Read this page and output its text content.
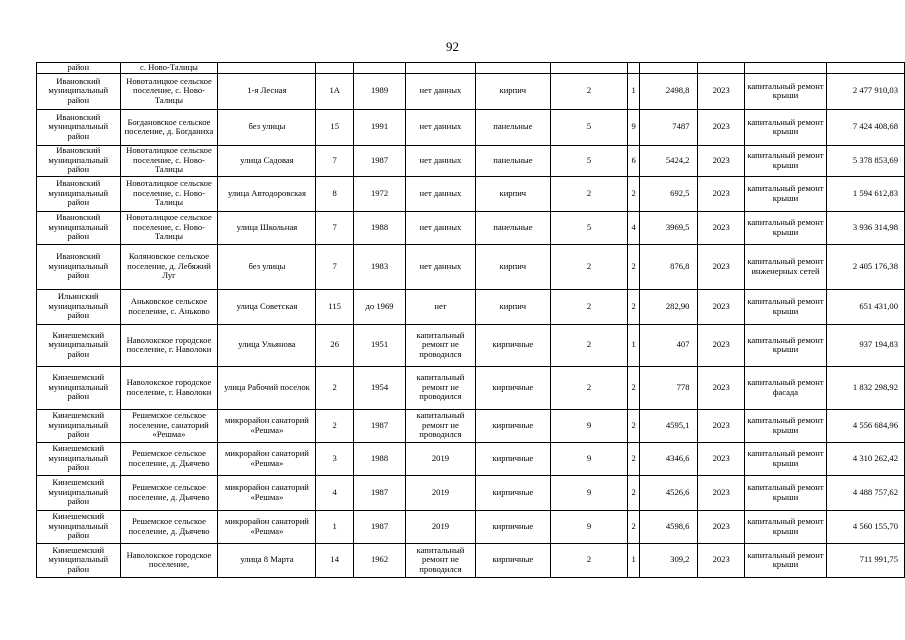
92
район	с. Ново-Талицы											
Ивановский муниципальный район	Новоталицкое сельское поселение, с. Ново-Талицы	1-я Лесная	1А	1989	нет данных	кирпич	2	1	2498,8	2023	капитальный ремонт крыши	2 477 910,03
Ивановский муниципальный район	Богдановское сельское поселение, д. Богданиха	без улицы	15	1991	нет данных	панельные	5	9	7487	2023	капитальный ремонт крыши	7 424 408,68
Ивановский муниципальный район	Новоталицкое сельское поселение, с. Ново-Талицы	улица Садовая	7	1987	нет данных	панельные	5	6	5424,2	2023	капитальный ремонт крыши	5 378 853,69
Ивановский муниципальный район	Новоталицкое сельское поселение, с. Ново-Талицы	улица Автодоровская	8	1972	нет данных	кирпич	2	2	692,5	2023	капитальный ремонт крыши	1 594 612,83
Ивановский муниципальный район	Новоталицкое сельское поселение, с. Ново-Талицы	улица Школьная	7	1988	нет данных	панельные	5	4	3969,5	2023	капитальный ремонт крыши	3 936 314,98
Ивановский муниципальный район	Коляновское сельское поселение, д. Лебяжий Луг	без улицы	7	1983	нет данных	кирпич	2	2	876,8	2023	капитальный ремонт инженерных сетей	2 405 176,38
Ильинский муниципальный район	Аньковское сельское поселение, с. Аньково	улица Советская	115	до 1969	нет	кирпич	2	2	282,90	2023	капитальный ремонт крыши	651 431,00
Кинешемский муниципальный район	Наволокское городское поселение, г. Наволоки	улица Ульянова	26	1951	капитальный ремонт не проводился	кирпичные	2	1	407	2023	капитальный ремонт крыши	937 194,83
Кинешемский муниципальный район	Наволокское городское поселение, г. Наволоки	улица Рабочий поселок	2	1954	капитальный ремонт не проводился	кирпичные	2	2	778	2023	капитальный ремонт фасада	1 832 298,92
Кинешемский муниципальный район	Решемское сельское поселение, санаторий «Решма»	микрорайон санаторий «Решма»	2	1987	капитальный ремонт не проводился	кирпичные	9	2	4595,1	2023	капитальный ремонт крыши	4 556 684,96
Кинешемский муниципальный район	Решемское сельское поселение, д. Дьячево	микрорайон санаторий «Решма»	3	1988	2019	кирпичные	9	2	4346,6	2023	капитальный ремонт крыши	4 310 262,42
Кинешемский муниципальный район	Решемское сельское поселение, д. Дьячево	микрорайон санаторий «Решма»	4	1987	2019	кирпичные	9	2	4526,6	2023	капитальный ремонт крыши	4 488 757,62
Кинешемский муниципальный район	Решемское сельское поселение, д. Дьячево	микрорайон санаторий «Решма»	1	1987	2019	кирпичные	9	2	4598,6	2023	капитальный ремонт крыши	4 560 155,70
Кинешемский муниципальный район	Наволокское городское поселение,	улица 8 Марта	14	1962	капитальный ремонт не проводился	кирпичные	2	1	309,2	2023	капитальный ремонт крыши	711 991,75
